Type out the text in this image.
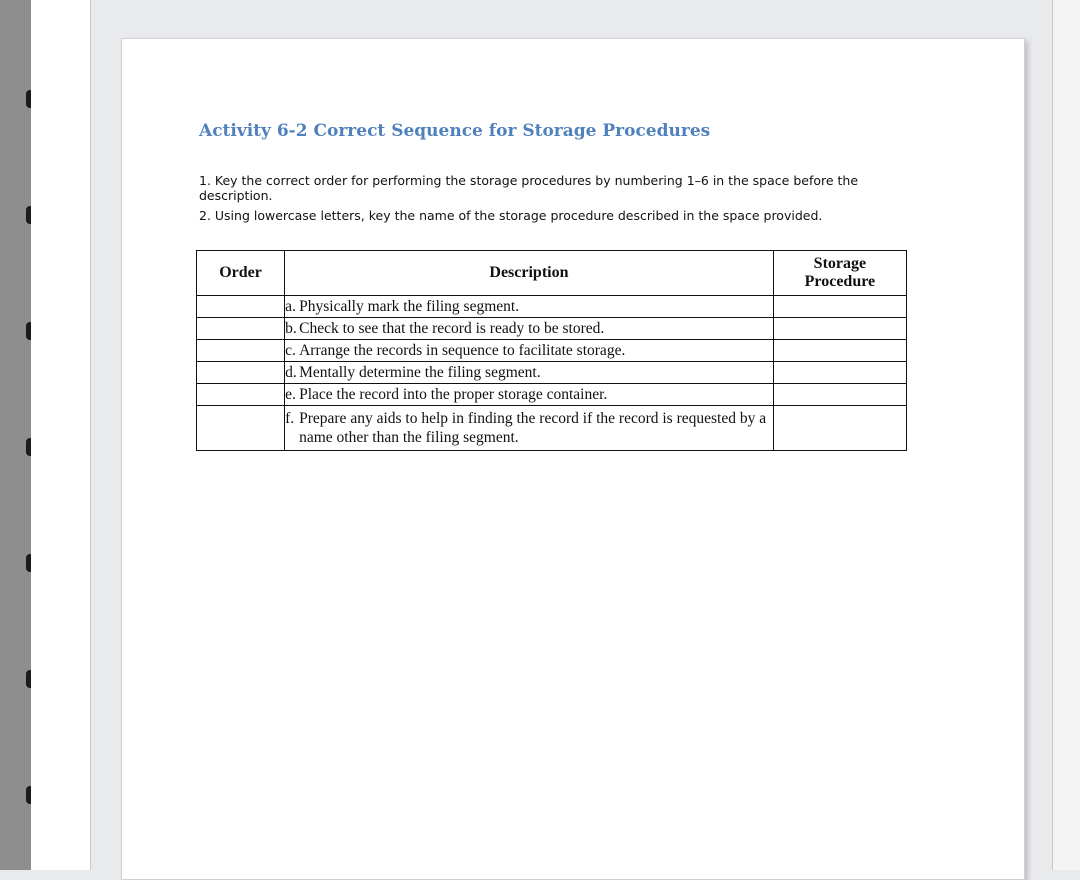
Activity 6-2 Correct Sequence for Storage Procedures

1. Key the correct order for performing the storage procedures by numbering 1–6 in the space before the description.

2. Using lowercase letters, key the name of the storage procedure described in the space provided.

Order	Description	Storage
Procedure

	a. Physically mark the filing segment.	

	b. Check to see that the record is ready to be stored.	

	c. Arrange the records in sequence to facilitate storage.	

	d. Mentally determine the filing segment.	

	e. Place the record into the proper storage container.	

	f. Prepare any aids to help in finding the record if the record is requested by a name other than the filing segment.	
